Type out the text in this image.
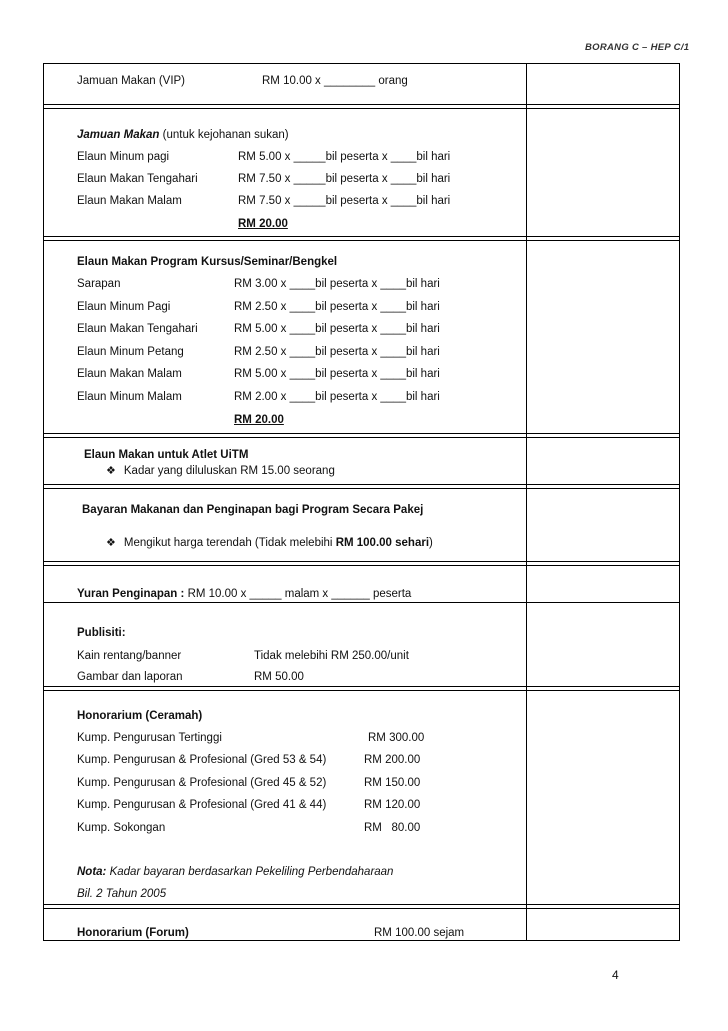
BORANG C – HEP C/1
Jamuan Makan (VIP)	RM 10.00 x ________ orang
Jamuan Makan (untuk kejohanan sukan)
Elaun Minum pagi	RM 5.00 x _____bil peserta x ____bil hari
Elaun Makan Tengahari	RM 7.50 x _____bil peserta x ____bil hari
Elaun Makan Malam	RM 7.50 x _____bil peserta x ____bil hari
RM 20.00
Elaun Makan Program Kursus/Seminar/Bengkel
Sarapan	RM 3.00 x ____bil peserta x ____bil hari
Elaun Minum Pagi	RM 2.50 x ____bil peserta x ____bil hari
Elaun Makan Tengahari	RM 5.00 x ____bil peserta x ____bil hari
Elaun Minum Petang	RM 2.50 x ____bil peserta x ____bil hari
Elaun Makan Malam	RM 5.00 x ____bil peserta x ____bil hari
Elaun Minum Malam	RM 2.00 x ____bil peserta x ____bil hari
RM 20.00
Elaun Makan untuk Atlet UiTM
❖ Kadar yang diluluskan RM 15.00 seorang
Bayaran Makanan dan Penginapan bagi Program Secara Pakej
❖ Mengikut harga terendah (Tidak melebihi RM 100.00 sehari)
Yuran Penginapan : RM 10.00 x _____ malam x ______ peserta
Publisiti:
Kain rentang/banner	Tidak melebihi RM 250.00/unit
Gambar dan laporan	RM 50.00
Honorarium (Ceramah)
Kump. Pengurusan Tertinggi	RM 300.00
Kump. Pengurusan & Profesional (Gred 53 & 54)	RM 200.00
Kump. Pengurusan & Profesional (Gred 45 & 52)	RM 150.00
Kump. Pengurusan & Profesional (Gred 41 & 44)	RM 120.00
Kump. Sokongan	RM   80.00
Nota: Kadar bayaran berdasarkan Pekeliling Perbendaharaan
Bil. 2 Tahun 2005
Honorarium (Forum)	RM 100.00 sejam
4
